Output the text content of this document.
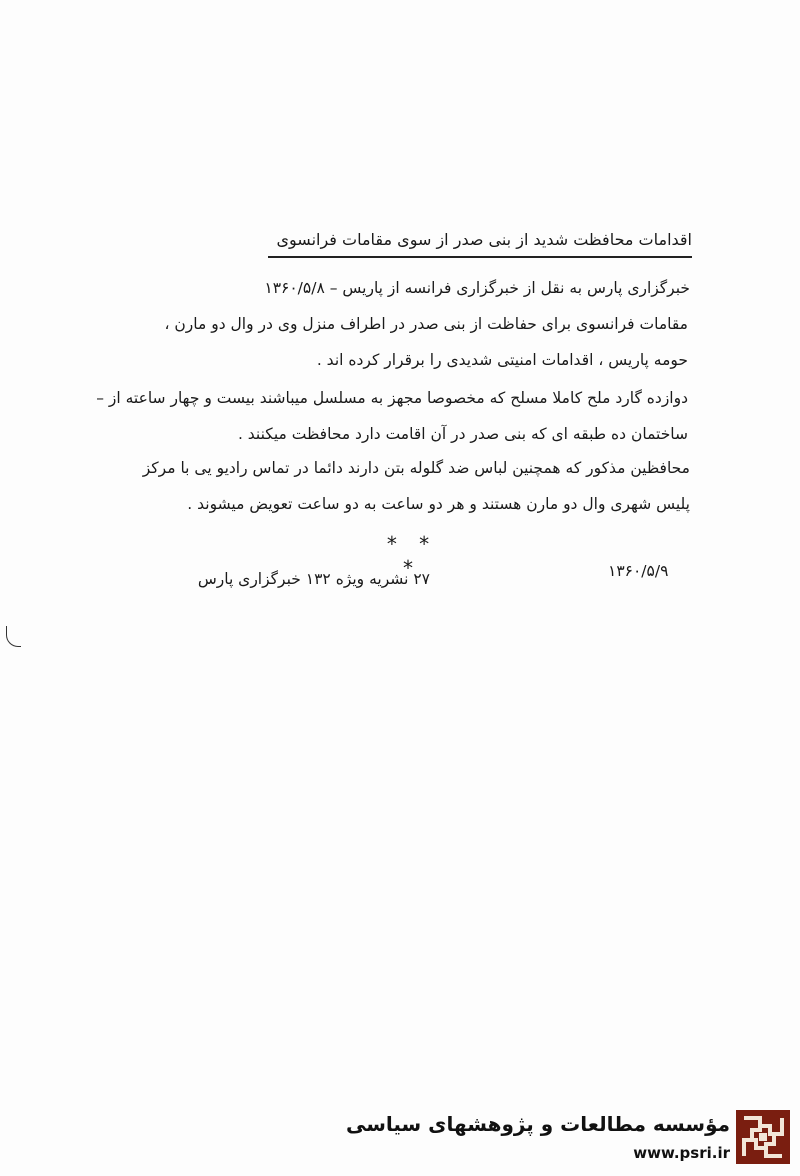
اقدامات محافظت شدید از بنی صدر از سوی مقامات فرانسوی
خبرگزاری پارس به نقل از خبرگزاری فرانسه از پاریس – ۱۳۶۰/۵/۸
مقامات فرانسوی برای حفاظت از بنی صدر در اطراف منزل وی در وال دو مارن ،
حومه پاریس ، اقدامات امنیتی شدیدی را برقرار کرده اند .
دوازده گارد ملح کاملا مسلح که مخصوصا مجهز به مسلسل میباشند بیست و چهار ساعته از –
ساختمان ده طبقه ای که بنی صدر در آن اقامت دارد محافظت میکنند .
محافظین مذکور که همچنین لباس ضد گلوله بتن دارند دائما در تماس رادیو یی با مرکز
پلیس شهری وال دو مارن هستند و هر دو ساعت به دو ساعت تعویض میشوند .
* * *	۱۳۶۰/۵/۹
۲۷ نشریه ویژه ۱۳۲ خبرگزاری پارس
مؤسسه مطالعات و پژوهشهای سیاسی
www.psri.ir
